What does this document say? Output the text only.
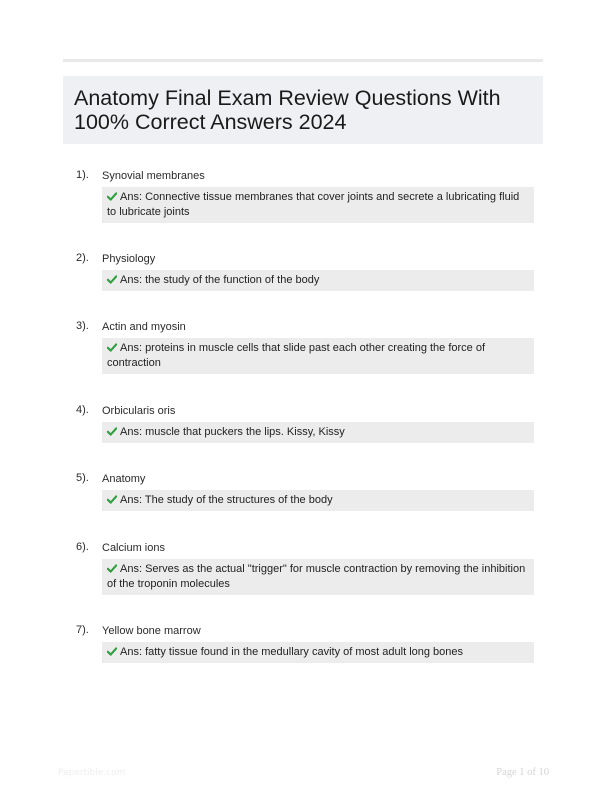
Anatomy Final Exam Review Questions With 100% Correct Answers 2024
1). Synovial membranes
Ans: Connective tissue membranes that cover joints and secrete a lubricating fluid to lubricate joints
2). Physiology
Ans: the study of the function of the body
3). Actin and myosin
Ans: proteins in muscle cells that slide past each other creating the force of contraction
4). Orbicularis oris
Ans: muscle that puckers the lips. Kissy, Kissy
5). Anatomy
Ans: The study of the structures of the body
6). Calcium ions
Ans: Serves as the actual "trigger" for muscle contraction by removing the inhibition of the troponin molecules
7). Yellow bone marrow
Ans: fatty tissue found in the medullary cavity of most adult long bones
Papertible.com	Page 1 of 10
